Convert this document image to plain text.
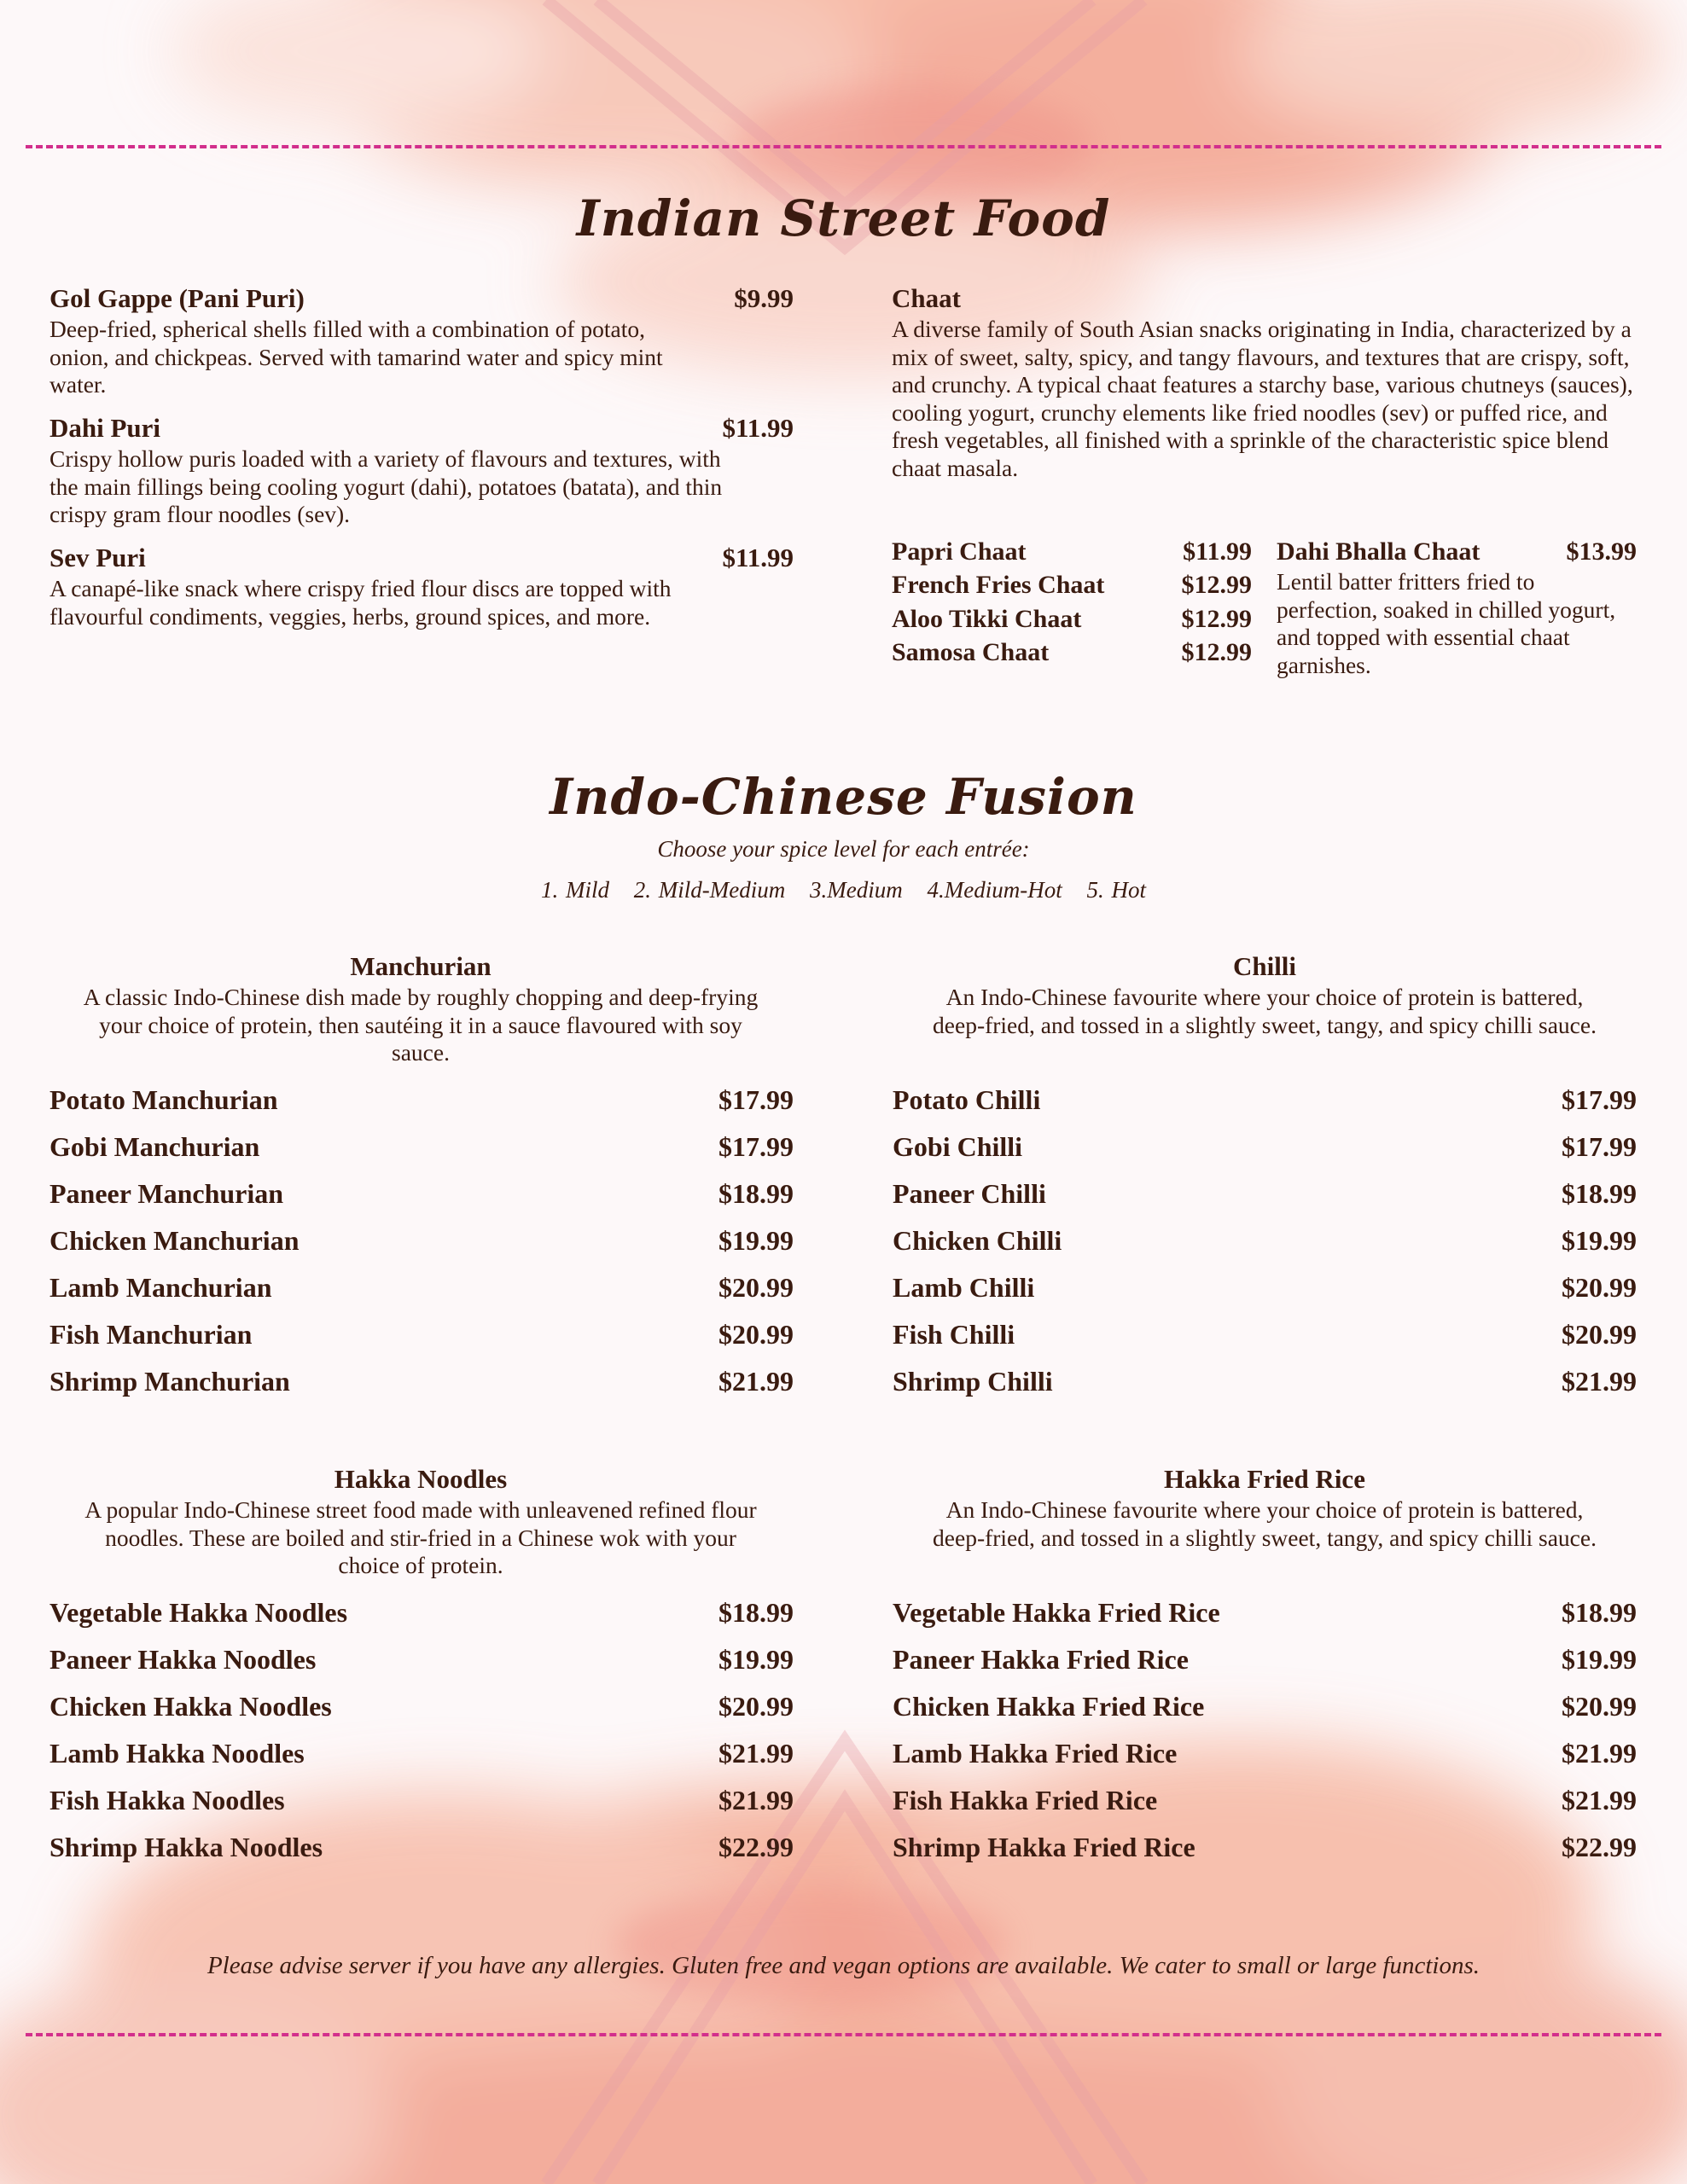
Indian Street Food
Gol Gappe (Pani Puri)	$9.99
Deep-fried, spherical shells filled with a combination of potato, onion, and chickpeas. Served with tamarind water and spicy mint water.
Dahi Puri	$11.99
Crispy hollow puris loaded with a variety of flavours and textures, with the main fillings being cooling yogurt (dahi), potatoes (batata), and thin crispy gram flour noodles (sev).
Sev Puri	$11.99
A canapé-like snack where crispy fried flour discs are topped with flavourful condiments, veggies, herbs, ground spices, and more.
Chaat
A diverse family of South Asian snacks originating in India, characterized by a mix of sweet, salty, spicy, and tangy flavours, and textures that are crispy, soft, and crunchy. A typical chaat features a starchy base, various chutneys (sauces), cooling yogurt, crunchy elements like fried noodles (sev) or puffed rice, and fresh vegetables, all finished with a sprinkle of the characteristic spice blend chaat masala.
Papri Chaat	$11.99
French Fries Chaat	$12.99
Aloo Tikki Chaat	$12.99
Samosa Chaat	$12.99
Dahi Bhalla Chaat	$13.99
Lentil batter fritters fried to perfection, soaked in chilled yogurt, and topped with essential chaat garnishes.
Indo-Chinese Fusion
Choose your spice level for each entrée:
1. Mild 2. Mild-Medium 3.Medium 4.Medium-Hot 5. Hot
Manchurian
A classic Indo-Chinese dish made by roughly chopping and deep-frying your choice of protein, then sautéing it in a sauce flavoured with soy sauce.
Potato Manchurian	$17.99
Gobi Manchurian	$17.99
Paneer Manchurian	$18.99
Chicken Manchurian	$19.99
Lamb Manchurian	$20.99
Fish Manchurian	$20.99
Shrimp Manchurian	$21.99
Chilli
An Indo-Chinese favourite where your choice of protein is battered, deep-fried, and tossed in a slightly sweet, tangy, and spicy chilli sauce.
Potato Chilli	$17.99
Gobi Chilli	$17.99
Paneer Chilli	$18.99
Chicken Chilli	$19.99
Lamb Chilli	$20.99
Fish Chilli	$20.99
Shrimp Chilli	$21.99
Hakka Noodles
A popular Indo-Chinese street food made with unleavened refined flour noodles. These are boiled and stir-fried in a Chinese wok with your choice of protein.
Vegetable Hakka Noodles	$18.99
Paneer Hakka Noodles	$19.99
Chicken Hakka Noodles	$20.99
Lamb Hakka Noodles	$21.99
Fish Hakka Noodles	$21.99
Shrimp Hakka Noodles	$22.99
Hakka Fried Rice
An Indo-Chinese favourite where your choice of protein is battered, deep-fried, and tossed in a slightly sweet, tangy, and spicy chilli sauce.
Vegetable Hakka Fried Rice	$18.99
Paneer Hakka Fried Rice	$19.99
Chicken Hakka Fried Rice	$20.99
Lamb Hakka Fried Rice	$21.99
Fish Hakka Fried Rice	$21.99
Shrimp Hakka Fried Rice	$22.99
Please advise server if you have any allergies. Gluten free and vegan options are available. We cater to small or large functions.
